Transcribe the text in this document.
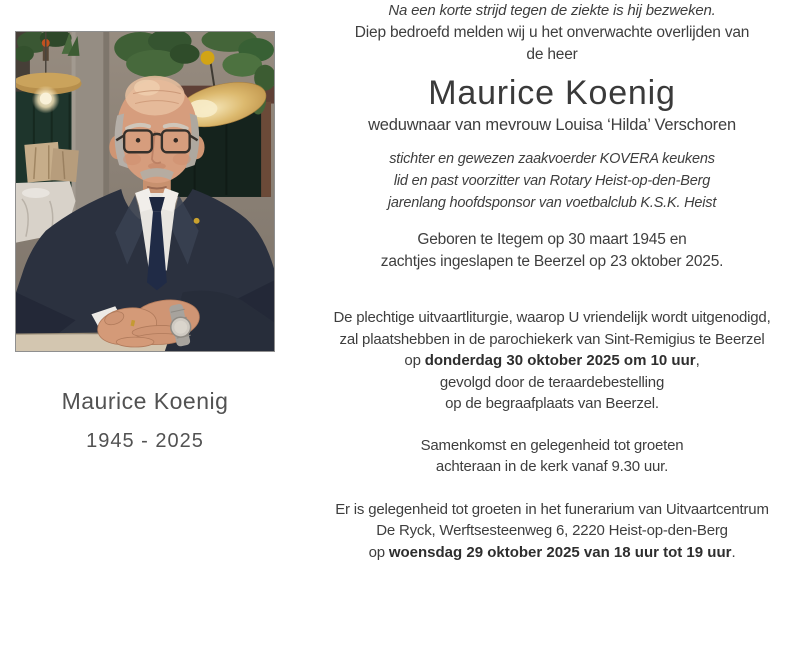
Maurice Koenig
1945 - 2025

Na een korte strijd tegen de ziekte is hij bezweken.

Diep bedroefd melden wij u het onverwachte overlijden van

de heer

Maurice Koenig

weduwnaar van mevrouw Louisa ‘Hilda’ Verschoren

stichter en gewezen zaakvoerder KOVERA keukens

lid en past voorzitter van Rotary Heist-op-den-Berg

jarenlang hoofdsponsor van voetbalclub K.S.K. Heist

Geboren te Itegem op 30 maart 1945 en

zachtjes ingeslapen te Beerzel op 23 oktober 2025.

De plechtige uitvaartliturgie, waarop U vriendelijk wordt uitgenodigd,

zal plaatshebben in de parochiekerk van Sint-Remigius te Beerzel

op donderdag 30 oktober 2025 om 10 uur,

gevolgd door de teraardebestelling

op de begraafplaats van Beerzel.

Samenkomst en gelegenheid tot groeten

achteraan in de kerk vanaf 9.30 uur.

Er is gelegenheid tot groeten in het funerarium van Uitvaartcentrum

De Ryck, Werftsesteenweg 6, 2220 Heist-op-den-Berg

op woensdag 29 oktober 2025 van 18 uur tot 19 uur.
